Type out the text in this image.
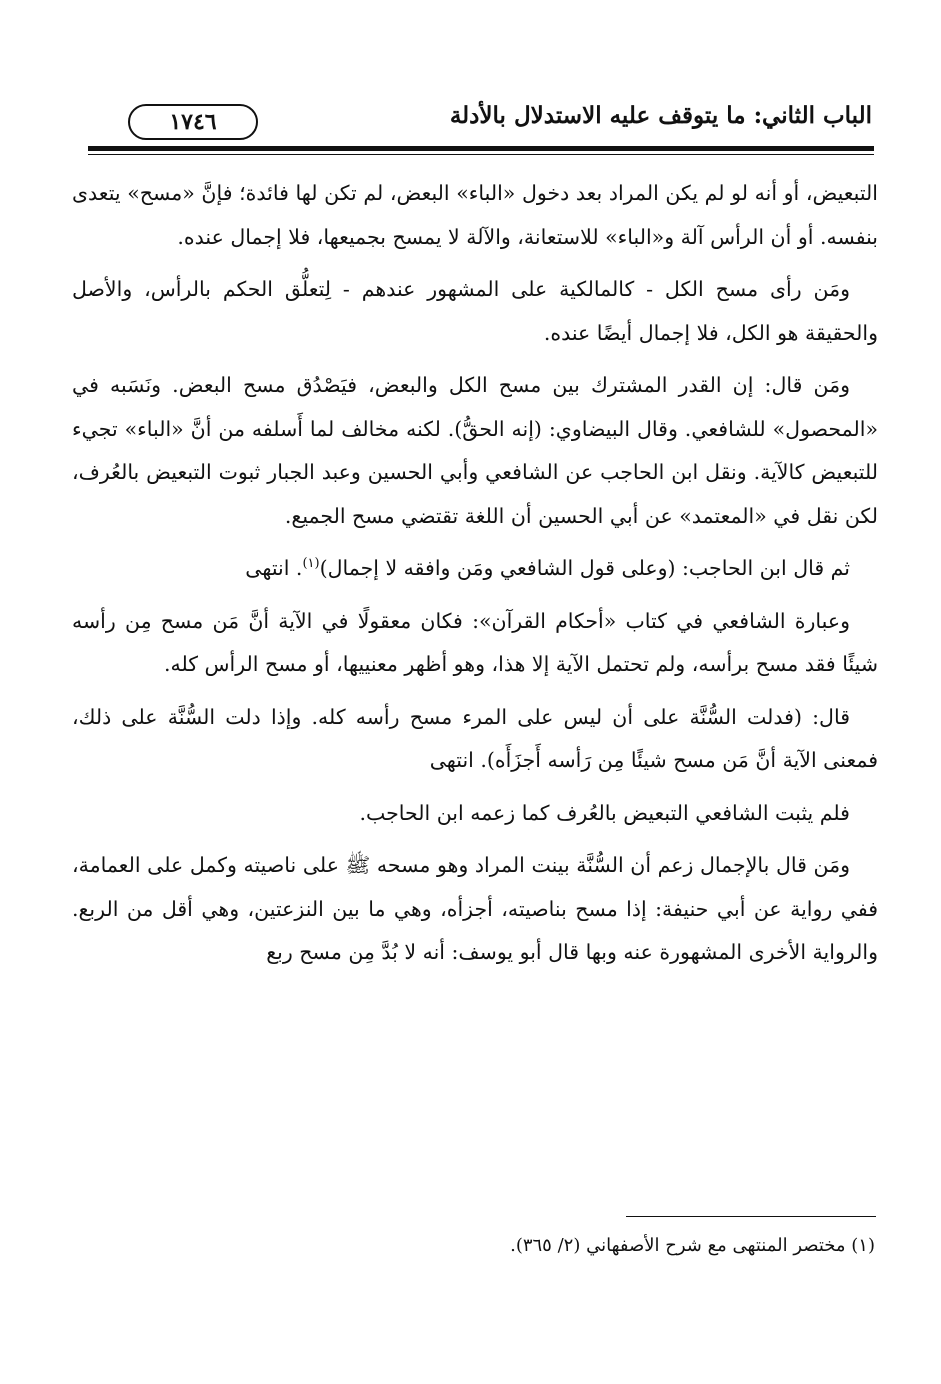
١٧٤٦	الباب الثاني: ما يتوقف عليه الاستدلال بالأدلة

التبعيض، أو أنه لو لم يكن المراد بعد دخول «الباء» البعض، لم تكن لها فائدة؛ فإنَّ «مسح» يتعدى بنفسه. أو أن الرأس آلة و«الباء» للاستعانة، والآلة لا يمسح بجميعها، فلا إجمال عنده.

ومَن رأى مسح الكل - كالمالكية على المشهور عندهم - لِتعلُّق الحكم بالرأس، والأصل والحقيقة هو الكل، فلا إجمال أيضًا عنده.

ومَن قال: إن القدر المشترك بين مسح الكل والبعض، فيَصْدُق مسح البعض. ونَسَبه في «المحصول» للشافعي. وقال البيضاوي: (إنه الحقُّ). لكنه مخالف لما أَسلفه من أنَّ «الباء» تجيء للتبعيض كالآية. ونقل ابن الحاجب عن الشافعي وأبي الحسين وعبد الجبار ثبوت التبعيض بالعُرف، لكن نقل في «المعتمد» عن أبي الحسين أن اللغة تقتضي مسح الجميع.

ثم قال ابن الحاجب: (وعلى قول الشافعي ومَن وافقه لا إجمال)$^{(١)}$. انتهى

وعبارة الشافعي في كتاب «أحكام القرآن»: فكان معقولًا في الآية أنَّ مَن مسح مِن رأسه شيئًا فقد مسح برأسه، ولم تحتمل الآية إلا هذا، وهو أظهر معنييها، أو مسح الرأس كله.

قال: (فدلت السُّنَّة على أن ليس على المرء مسح رأسه كله. وإذا دلت السُّنَّة على ذلك، فمعنى الآية أنَّ مَن مسح شيئًا مِن رَأسه أَجزَأَه). انتهى

فلم يثبت الشافعي التبعيض بالعُرف كما زعمه ابن الحاجب.

ومَن قال بالإجمال زعم أن السُّنَّة بينت المراد وهو مسحه ﷺ على ناصيته وكمل على العمامة، ففي رواية عن أبي حنيفة: إذا مسح بناصيته، أجزأه، وهي ما بين النزعتين، وهي أقل من الربع. والرواية الأخرى المشهورة عنه وبها قال أبو يوسف: أنه لا بُدَّ مِن مسح ربع

(١) مختصر المنتهى مع شرح الأصفهاني (٢/ ٣٦٥).
